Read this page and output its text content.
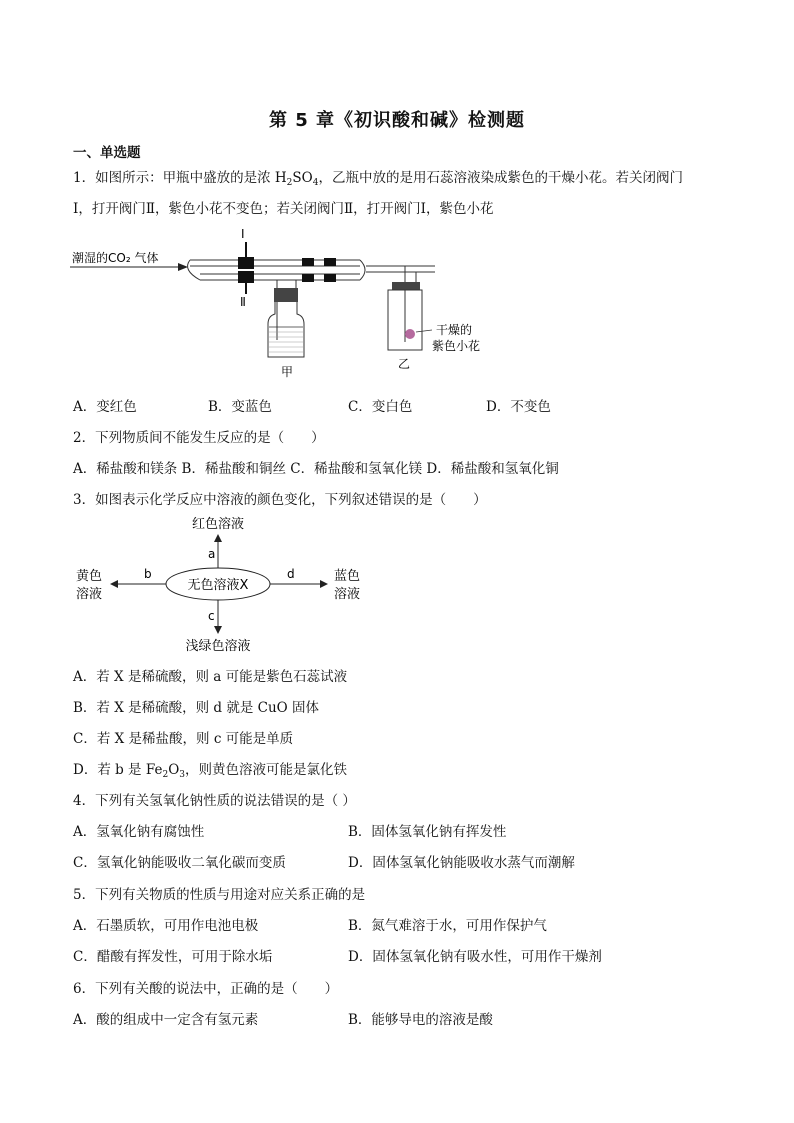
第 5 章《初识酸和碱》检测题
一、单选题
1．如图所示：甲瓶中盛放的是浓 $H_2SO_4$，乙瓶中放的是用石蕊溶液染成紫色的干燥小花。若关闭阀门
Ⅰ，打开阀门Ⅱ，紫色小花不变色；若关闭阀门Ⅱ，打开阀门Ⅰ，紫色小花
潮湿的CO₂ 气体
Ⅰ
Ⅱ
甲
干燥的
紫色小花
乙
A．变红色	B．变蓝色	C．变白色	D．不变色
2．下列物质间不能发生反应的是（　　）
A．稀盐酸和镁条 B．稀盐酸和铜丝 C．稀盐酸和氢氧化镁 D．稀盐酸和氢氧化铜
3．如图表示化学反应中溶液的颜色变化，下列叙述错误的是（　　）
无色溶液X
红色溶液
a
浅绿色溶液
c
黄色
溶液
b	蓝色
溶液
d
A．若 X 是稀硫酸，则 a 可能是紫色石蕊试液
B．若 X 是稀硫酸，则 d 就是 CuO 固体
C．若 X 是稀盐酸，则 c 可能是单质
D．若 b 是 $Fe_2O_3$，则黄色溶液可能是氯化铁
4．下列有关氢氧化钠性质的说法错误的是（ ）
A．氢氧化钠有腐蚀性	B．固体氢氧化钠有挥发性
C．氢氧化钠能吸收二氧化碳而变质	D．固体氢氧化钠能吸收水蒸气而潮解
5．下列有关物质的性质与用途对应关系正确的是
A．石墨质软，可用作电池电极	B．氮气难溶于水，可用作保护气
C．醋酸有挥发性，可用于除水垢	D．固体氢氧化钠有吸水性，可用作干燥剂
6．下列有关酸的说法中，正确的是（　　）
A．酸的组成中一定含有氢元素	B．能够导电的溶液是酸
